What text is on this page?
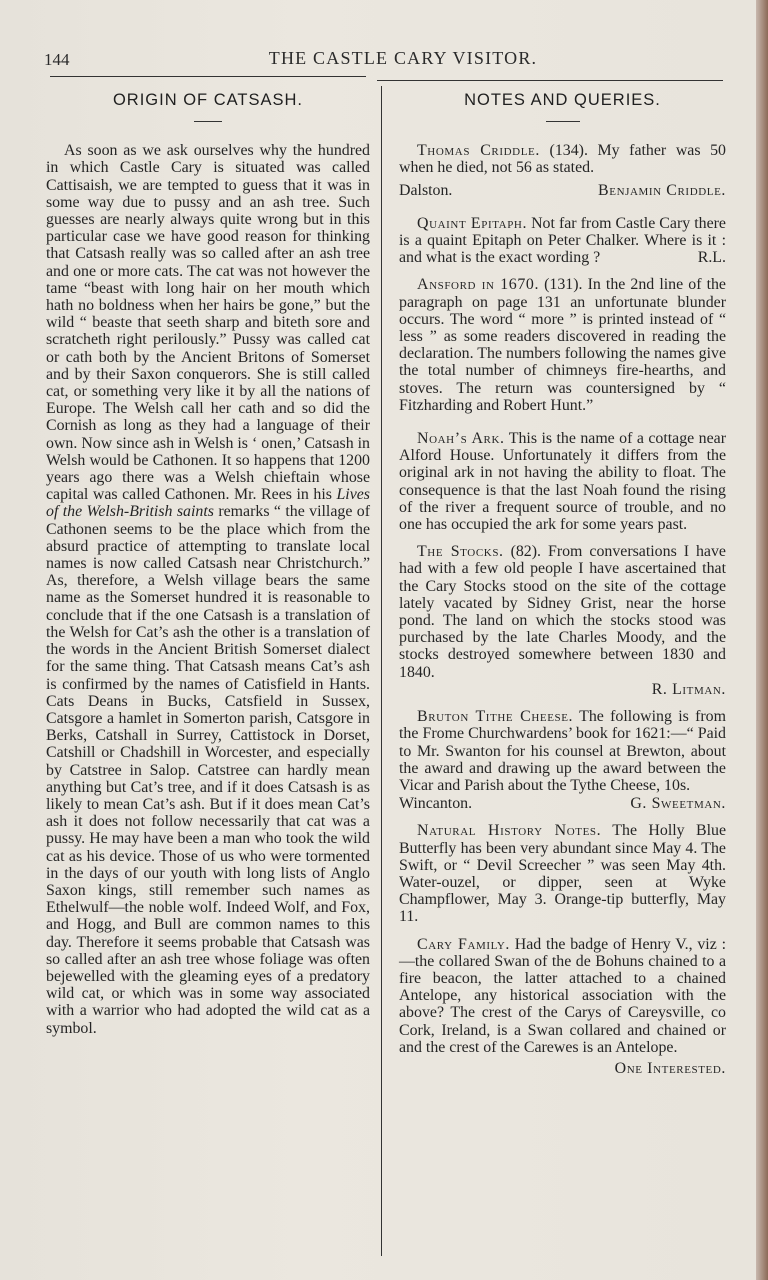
144	THE CASTLE CARY VISITOR.
ORIGIN OF CATSASH.

As soon as we ask ourselves why the hundred in which Castle Cary is situated was called Cattisaish, we are tempted to guess that it was in some way due to pussy and an ash tree. Such guesses are nearly always quite wrong but in this particular case we have good reason for thinking that Catsash really was so called after an ash tree and one or more cats. The cat was not however the tame “beast with long hair on her mouth which hath no boldness when her hairs be gone,” but the wild “ beaste that seeth sharp and biteth sore and scratcheth right perilously.” Pussy was called cat or cath both by the Ancient Britons of Somerset and by their Saxon conquerors. She is still called cat, or something very like it by all the nations of Europe. The Welsh call her cath and so did the Cornish as long as they had a language of their own. Now since ash in Welsh is ‘ onen,’ Catsash in Welsh would be Cathonen. It so happens that 1200 years ago there was a Welsh chieftain whose capital was called Cathonen. Mr. Rees in his Lives of the Welsh-British saints remarks “ the village of Cathonen seems to be the place which from the absurd practice of attempting to translate local names is now called Catsash near Christchurch.” As, therefore, a Welsh village bears the same name as the Somerset hundred it is reasonable to conclude that if the one Catsash is a translation of the Welsh for Cat’s ash the other is a translation of the words in the Ancient British Somerset dialect for the same thing. That Catsash means Cat’s ash is confirmed by the names of Catisfield in Hants. Cats Deans in Bucks, Catsfield in Sussex, Catsgore a hamlet in Somerton parish, Catsgore in Berks, Catshall in Surrey, Cattistock in Dorset, Catshill or Chadshill in Worcester, and especially by Catstree in Salop. Catstree can hardly mean anything but Cat’s tree, and if it does Catsash is as likely to mean Cat’s ash. But if it does mean Cat’s ash it does not follow necessarily that cat was a pussy. He may have been a man who took the wild cat as his device. Those of us who were tormented in the days of our youth with long lists of Anglo Saxon kings, still remember such names as Ethelwulf—the noble wolf. Indeed Wolf, and Fox, and Hogg, and Bull are common names to this day. Therefore it seems probable that Catsash was so called after an ash tree whose foliage was often bejewelled with the gleaming eyes of a predatory wild cat, or which was in some way associated with a warrior who had adopted the wild cat as a symbol.

NOTES AND QUERIES.

Thomas Criddle. (134). My father was 50 when he died, not 56 as stated.

Dalston.	Benjamin Criddle.

Quaint Epitaph. Not far from Castle Cary there is a quaint Epitaph on Peter Chalker. Where is it : and what is the exact wording ?	R.L.

Ansford in 1670. (131). In the 2nd line of the paragraph on page 131 an unfortunate blunder occurs. The word “ more ” is printed instead of “ less ” as some readers discovered in reading the declaration. The numbers following the names give the total number of chimneys fire-hearths, and stoves. The return was countersigned by “ Fitzharding and Robert Hunt.”

Noah’s Ark. This is the name of a cottage near Alford House. Unfortunately it differs from the original ark in not having the ability to float. The consequence is that the last Noah found the rising of the river a frequent source of trouble, and no one has occupied the ark for some years past.

The Stocks. (82). From conversations I have had with a few old people I have ascertained that the Cary Stocks stood on the site of the cottage lately vacated by Sidney Grist, near the horse pond. The land on which the stocks stood was purchased by the late Charles Moody, and the stocks destroyed somewhere between 1830 and 1840.

R. Litman.

Bruton Tithe Cheese. The following is from the Frome Churchwardens’ book for 1621:—“ Paid to Mr. Swanton for his counsel at Brewton, about the award and drawing up the award between the Vicar and Parish about the Tythe Cheese, 10s.

Wincanton.	G. Sweetman.

Natural History Notes. The Holly Blue Butterfly has been very abundant since May 4. The Swift, or “ Devil Screecher ” was seen May 4th. Water-ouzel, or dipper, seen at Wyke Champflower, May 3. Orange-tip butterfly, May 11.

Cary Family. Had the badge of Henry V., viz :—the collared Swan of the de Bohuns chained to a fire beacon, the latter attached to a chained Antelope, any historical association with the above? The crest of the Carys of Careysville, co Cork, Ireland, is a Swan collared and chained or and the crest of the Carewes is an Antelope.

One Interested.
